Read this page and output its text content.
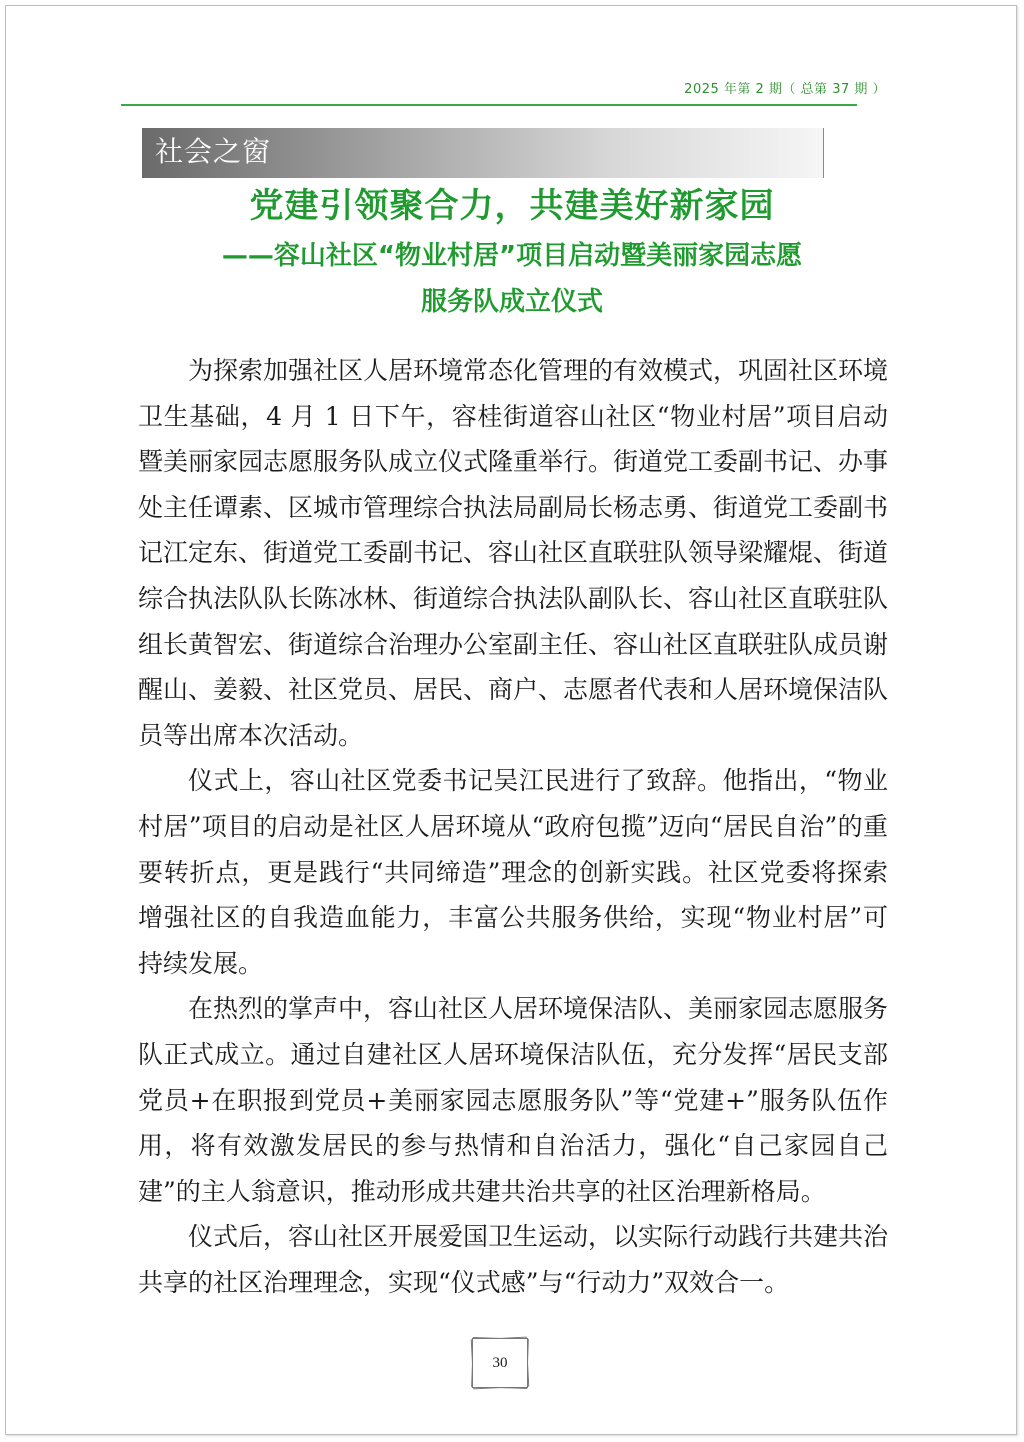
2025 年第 2 期（ 总第 37 期 ）
社会之窗
党建引领聚合力，共建美好新家园
——容山社区“物业村居”项目启动暨美丽家园志愿
服务队成立仪式

为探索加强社区人居环境常态化管理的有效模式，巩固社区环境卫生基础，4 月 1 日下午，容桂街道容山社区“物业村居”项目启动暨美丽家园志愿服务队成立仪式隆重举行。街道党工委副书记、办事处主任谭素、区城市管理综合执法局副局长杨志勇、街道党工委副书记江定东、街道党工委副书记、容山社区直联驻队领导梁耀焜、街道综合执法队队长陈冰林、街道综合执法队副队长、容山社区直联驻队组长黄智宏、街道综合治理办公室副主任、容山社区直联驻队成员谢醒山、姜毅、社区党员、居民、商户、志愿者代表和人居环境保洁队员等出席本次活动。

仪式上，容山社区党委书记吴江民进行了致辞。他指出，“物业村居”项目的启动是社区人居环境从“政府包揽”迈向“居民自治”的重要转折点，更是践行“共同缔造”理念的创新实践。社区党委将探索增强社区的自我造血能力，丰富公共服务供给，实现“物业村居”可持续发展。

在热烈的掌声中，容山社区人居环境保洁队、美丽家园志愿服务队正式成立。通过自建社区人居环境保洁队伍，充分发挥“居民支部党员+在职报到党员+美丽家园志愿服务队”等“党建+”服务队伍作用，将有效激发居民的参与热情和自治活力，强化“自己家园自己建”的主人翁意识，推动形成共建共治共享的社区治理新格局。

仪式后，容山社区开展爱国卫生运动，以实际行动践行共建共治共享的社区治理理念，实现“仪式感”与“行动力”双效合一。

30
